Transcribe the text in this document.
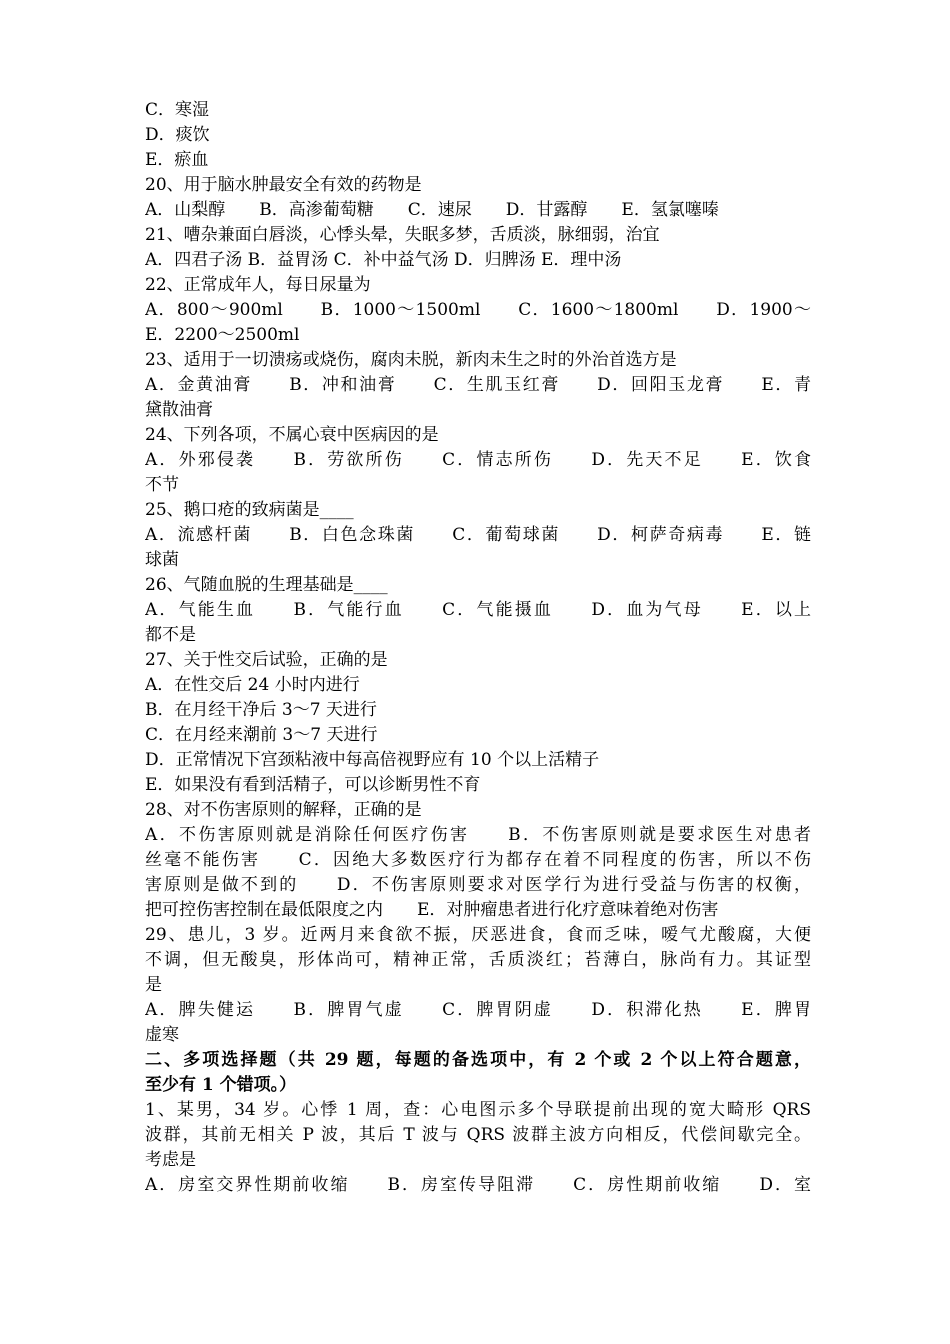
C．寒湿
D．痰饮
E．瘀血
20、用于脑水肿最安全有效的药物是
A．山梨醇　　B．高渗葡萄糖　　C．速尿　　D．甘露醇　　E．氢氯噻嗪
21、嘈杂兼面白唇淡，心悸头晕，失眠多梦，舌质淡，脉细弱，治宜
A．四君子汤 B．益胃汤 C．补中益气汤 D．归脾汤 E．理中汤
22、正常成年人，每日尿量为
A．800～900ml　　B．1000～1500ml　　C．1600～1800ml　　D．1900～
E．2200～2500ml
23、适用于一切溃疡或烧伤，腐肉未脱，新肉未生之时的外治首选方是
A．金黄油膏　　B．冲和油膏　　C．生肌玉红膏　　D．回阳玉龙膏　　E．青
黛散油膏
24、下列各项，不属心衰中医病因的是
A．外邪侵袭　　B．劳欲所伤　　C．情志所伤　　D．先天不足　　E．饮食
不节
25、鹅口疮的致病菌是____
A．流感杆菌　　B．白色念珠菌　　C．葡萄球菌　　D．柯萨奇病毒　　E．链
球菌
26、气随血脱的生理基础是____
A．气能生血　　B．气能行血　　C．气能摄血　　D．血为气母　　E．以上
都不是
27、关于性交后试验，正确的是
A．在性交后 24 小时内进行
B．在月经干净后 3～7 天进行
C．在月经来潮前 3～7 天进行
D．正常情况下宫颈粘液中每高倍视野应有 10 个以上活精子
E．如果没有看到活精子，可以诊断男性不育
28、对不伤害原则的解释，正确的是
A．不伤害原则就是消除任何医疗伤害　　B．不伤害原则就是要求医生对患者
丝毫不能伤害　　C．因绝大多数医疗行为都存在着不同程度的伤害，所以不伤
害原则是做不到的　　D．不伤害原则要求对医学行为进行受益与伤害的权衡，
把可控伤害控制在最低限度之内　　E．对肿瘤患者进行化疗意味着绝对伤害
29、患儿，3 岁。近两月来食欲不振，厌恶进食，食而乏味，嗳气尤酸腐，大便
不调，但无酸臭，形体尚可，精神正常，舌质淡红；苔薄白，脉尚有力。其证型
是
A．脾失健运　　B．脾胃气虚　　C．脾胃阴虚　　D．积滞化热　　E．脾胃
虚寒
二、多项选择题（共 29 题，每题的备选项中，有 2 个或 2 个以上符合题意，
至少有 1 个错项。）
1、某男，34 岁。心悸 1 周，查：心电图示多个导联提前出现的宽大畸形 QRS
波群，其前无相关 P 波，其后 T 波与 QRS 波群主波方向相反，代偿间歇完全。
考虑是
A．房室交界性期前收缩　　B．房室传导阻滞　　C．房性期前收缩　　D．室
